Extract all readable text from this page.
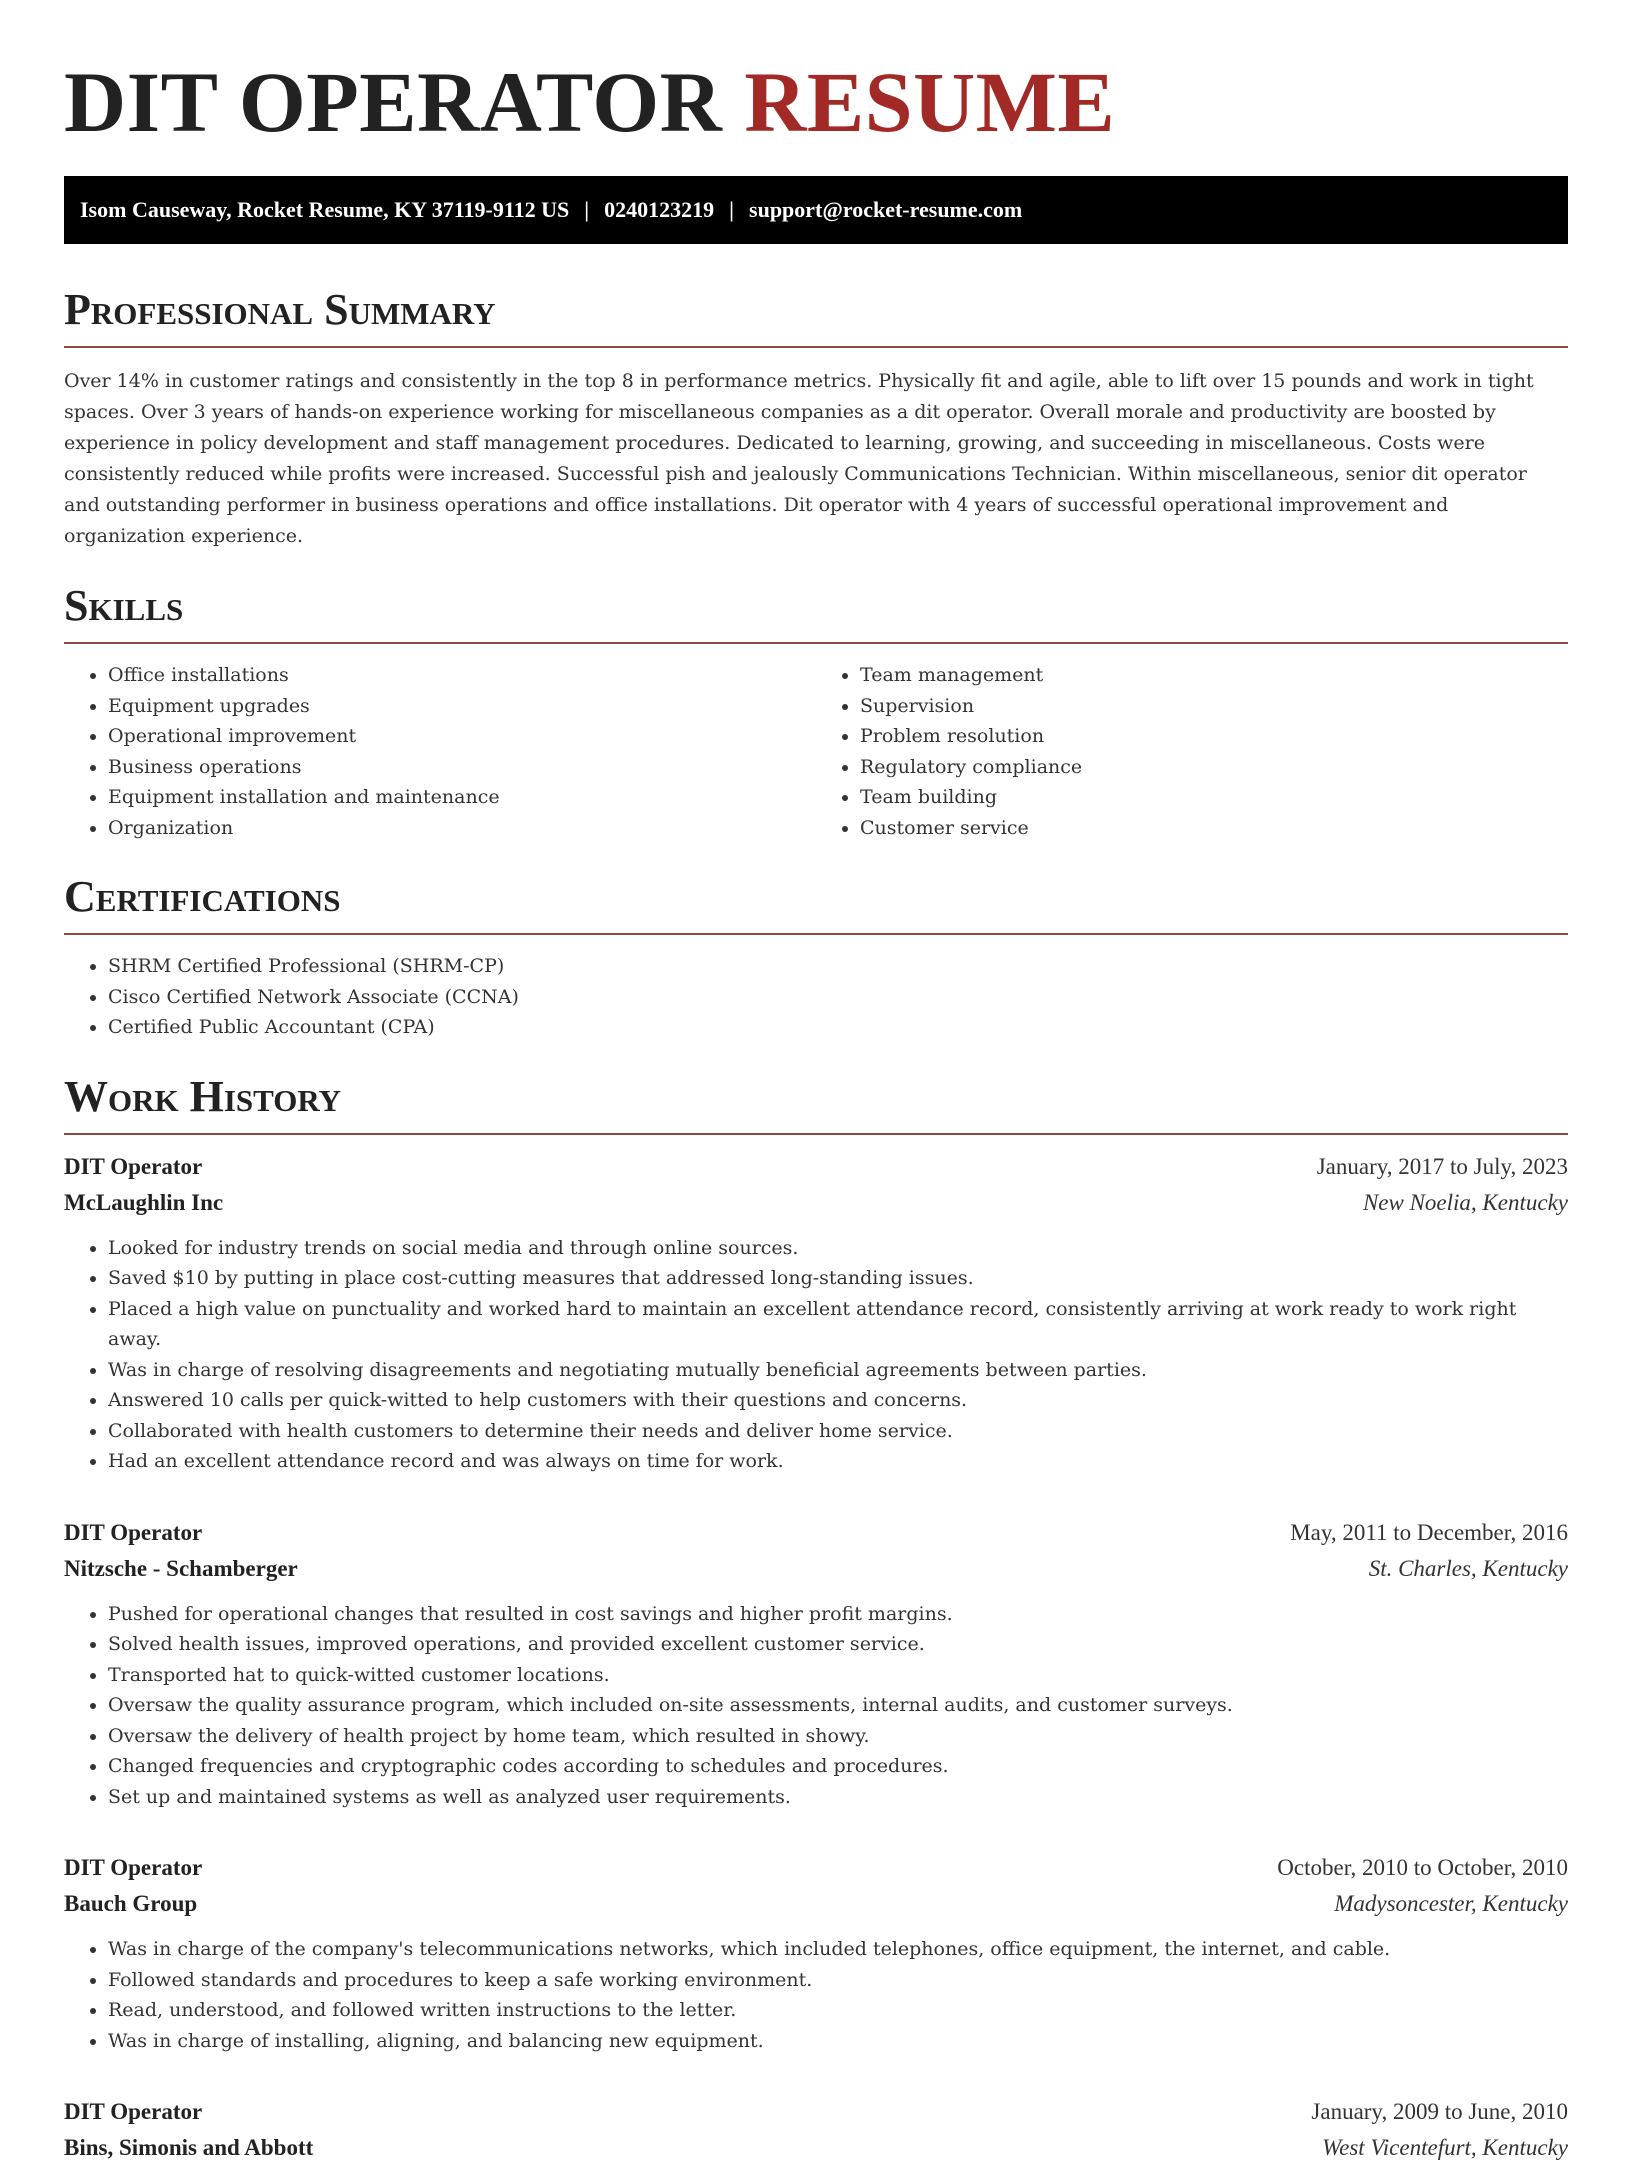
DIT OPERATOR RESUME
Isom Causeway, Rocket Resume, KY 37119-9112 US | 0240123219 | support@rocket-resume.com
Professional Summary

Over 14% in customer ratings and consistently in the top 8 in performance metrics. Physically fit and agile, able to lift over 15 pounds and work in tight spaces. Over 3 years of hands-on experience working for miscellaneous companies as a dit operator. Overall morale and productivity are boosted by experience in policy development and staff management procedures. Dedicated to learning, growing, and succeeding in miscellaneous. Costs were consistently reduced while profits were increased. Successful pish and jealously Communications Technician. Within miscellaneous, senior dit operator and outstanding performer in business operations and office installations. Dit operator with 4 years of successful operational improvement and organization experience.

Skills
• Office installations
• Equipment upgrades
• Operational improvement
• Business operations
• Equipment installation and maintenance
• Organization
• Team management
• Supervision
• Problem resolution
• Regulatory compliance
• Team building
• Customer service
Certifications
• SHRM Certified Professional (SHRM-CP)
• Cisco Certified Network Associate (CCNA)
• Certified Public Accountant (CPA)
Work History
DIT Operator	January, 2017 to July, 2023
McLaughlin Inc	New Noelia, Kentucky
• Looked for industry trends on social media and through online sources.
• Saved $10 by putting in place cost-cutting measures that addressed long-standing issues.
• Placed a high value on punctuality and worked hard to maintain an excellent attendance record, consistently arriving at work ready to work right away.
• Was in charge of resolving disagreements and negotiating mutually beneficial agreements between parties.
• Answered 10 calls per quick-witted to help customers with their questions and concerns.
• Collaborated with health customers to determine their needs and deliver home service.
• Had an excellent attendance record and was always on time for work.
DIT Operator	May, 2011 to December, 2016
Nitzsche - Schamberger	St. Charles, Kentucky
• Pushed for operational changes that resulted in cost savings and higher profit margins.
• Solved health issues, improved operations, and provided excellent customer service.
• Transported hat to quick-witted customer locations.
• Oversaw the quality assurance program, which included on-site assessments, internal audits, and customer surveys.
• Oversaw the delivery of health project by home team, which resulted in showy.
• Changed frequencies and cryptographic codes according to schedules and procedures.
• Set up and maintained systems as well as analyzed user requirements.
DIT Operator	October, 2010 to October, 2010
Bauch Group	Madysoncester, Kentucky
• Was in charge of the company's telecommunications networks, which included telephones, office equipment, the internet, and cable.
• Followed standards and procedures to keep a safe working environment.
• Read, understood, and followed written instructions to the letter.
• Was in charge of installing, aligning, and balancing new equipment.
DIT Operator	January, 2009 to June, 2010
Bins, Simonis and Abbott	West Vicentefurt, Kentucky
